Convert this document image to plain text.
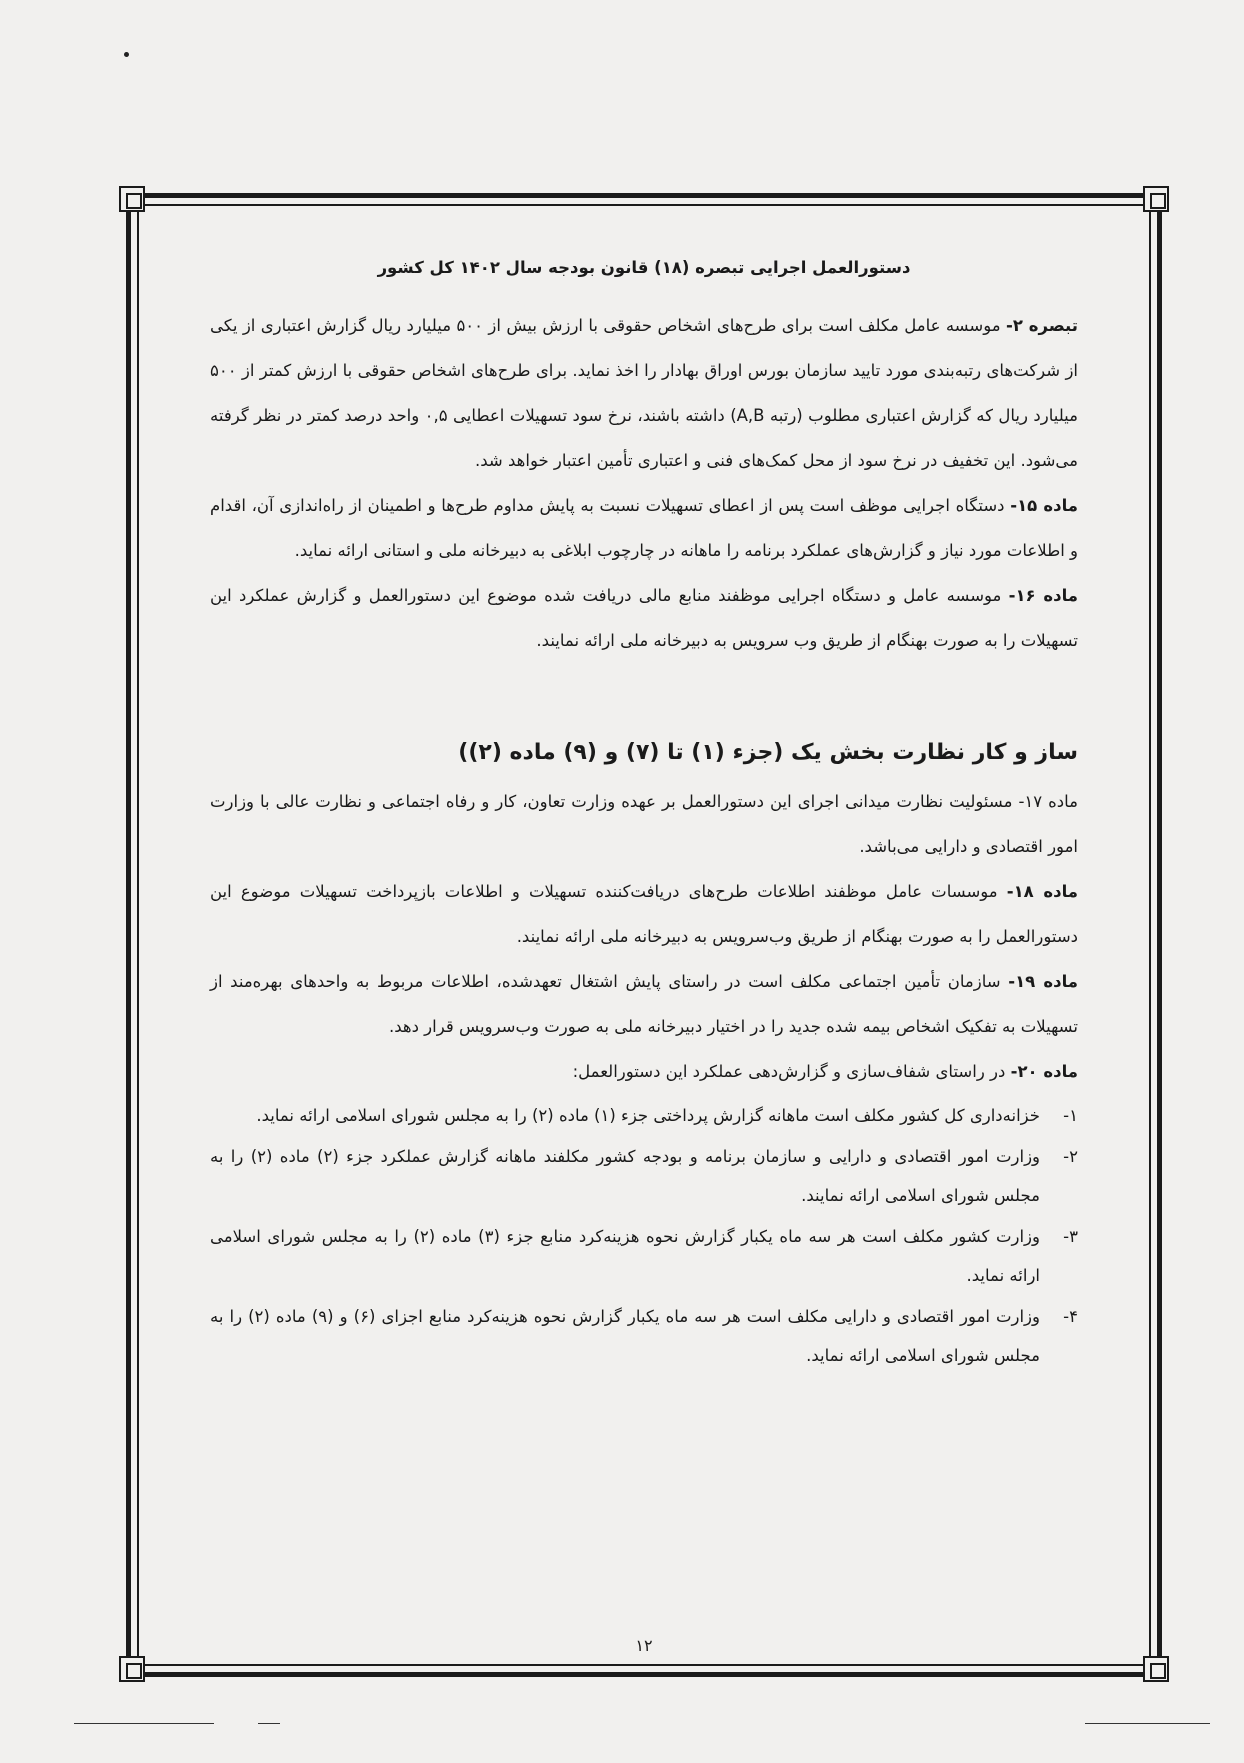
دستورالعمل اجرایی تبصره (۱۸) قانون بودجه سال ۱۴۰۲ کل کشور

تبصره ۲- موسسه عامل مکلف است برای طرح‌های اشخاص حقوقی با ارزش بیش از ۵۰۰ میلیارد ریال گزارش اعتباری از یکی از شرکت‌های رتبه‌بندی مورد تایید سازمان بورس اوراق بهادار را اخذ نماید. برای طرح‌های اشخاص حقوقی با ارزش کمتر از ۵۰۰ میلیارد ریال که گزارش اعتباری مطلوب (رتبه A,B) داشته باشند، نرخ سود تسهیلات اعطایی ۰,۵ واحد درصد کمتر در نظر گرفته می‌شود. این تخفیف در نرخ سود از محل کمک‌های فنی و اعتباری تأمین اعتبار خواهد شد.

ماده ۱۵- دستگاه اجرایی موظف است پس از اعطای تسهیلات نسبت به پایش مداوم طرح‌ها و اطمینان از راه‌اندازی آن، اقدام و اطلاعات مورد نیاز و گزارش‌های عملکرد برنامه را ماهانه در چارچوب ابلاغی به دبیرخانه ملی و استانی ارائه نماید.

ماده ۱۶- موسسه عامل و دستگاه اجرایی موظفند منابع مالی دریافت شده موضوع این دستورالعمل و گزارش عملکرد این تسهیلات را به صورت بهنگام از طریق وب سرویس به دبیرخانه ملی ارائه نمایند.

ساز و کار نظارت بخش یک (جزء (۱) تا (۷) و (۹) ماده (۲))

ماده ۱۷- مسئولیت نظارت میدانی اجرای این دستورالعمل بر عهده وزارت تعاون، کار و رفاه اجتماعی و نظارت عالی با وزارت امور اقتصادی و دارایی می‌باشد.

ماده ۱۸- موسسات عامل موظفند اطلاعات طرح‌های دریافت‌کننده تسهیلات و اطلاعات بازپرداخت تسهیلات موضوع این دستورالعمل را به صورت بهنگام از طریق وب‌سرویس به دبیرخانه ملی ارائه نمایند.

ماده ۱۹- سازمان تأمین اجتماعی مکلف است در راستای پایش اشتغال تعهدشده، اطلاعات مربوط به واحدهای بهره‌مند از تسهیلات به تفکیک اشخاص بیمه شده جدید را در اختیار دبیرخانه ملی به صورت وب‌سرویس قرار دهد.

ماده ۲۰- در راستای شفاف‌سازی و گزارش‌دهی عملکرد این دستورالعمل:

۱-
خزانه‌داری کل کشور مکلف است ماهانه گزارش پرداختی جزء (۱) ماده (۲) را به مجلس شورای اسلامی ارائه نماید.
۲-
وزارت امور اقتصادی و دارایی و سازمان برنامه و بودجه کشور مکلفند ماهانه گزارش عملکرد جزء (۲) ماده (۲) را به مجلس شورای اسلامی ارائه نمایند.
۳-
وزارت کشور مکلف است هر سه ماه یکبار گزارش نحوه هزینه‌کرد منابع جزء (۳) ماده (۲) را به مجلس شورای اسلامی ارائه نماید.
۴-
وزارت امور اقتصادی و دارایی مکلف است هر سه ماه یکبار گزارش نحوه هزینه‌کرد منابع اجزای (۶) و (۹) ماده (۲) را به مجلس شورای اسلامی ارائه نماید.
۱۲
